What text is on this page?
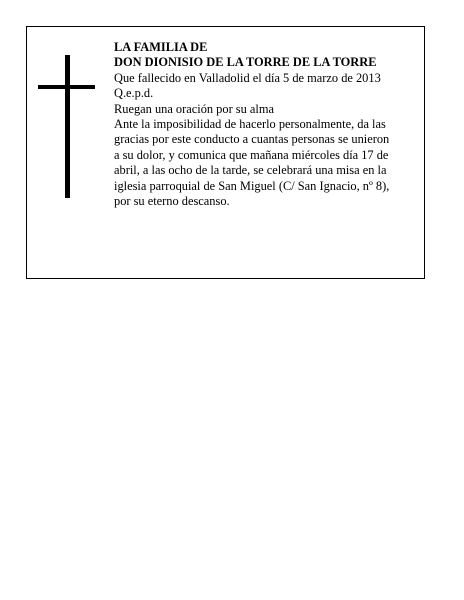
LA FAMILIA DE
DON DIONISIO DE LA TORRE DE LA TORRE
Que fallecido en Valladolid el día 5 de marzo de 2013
Q.e.p.d.
Ruegan una oración por su alma
Ante la imposibilidad de hacerlo personalmente, da las
gracias por este conducto a cuantas personas se unieron
a su dolor, y comunica que mañana miércoles día 17 de
abril, a las ocho de la tarde, se celebrará una misa en la
iglesia parroquial de San Miguel (C/ San Ignacio, nº 8),
por su eterno descanso.
